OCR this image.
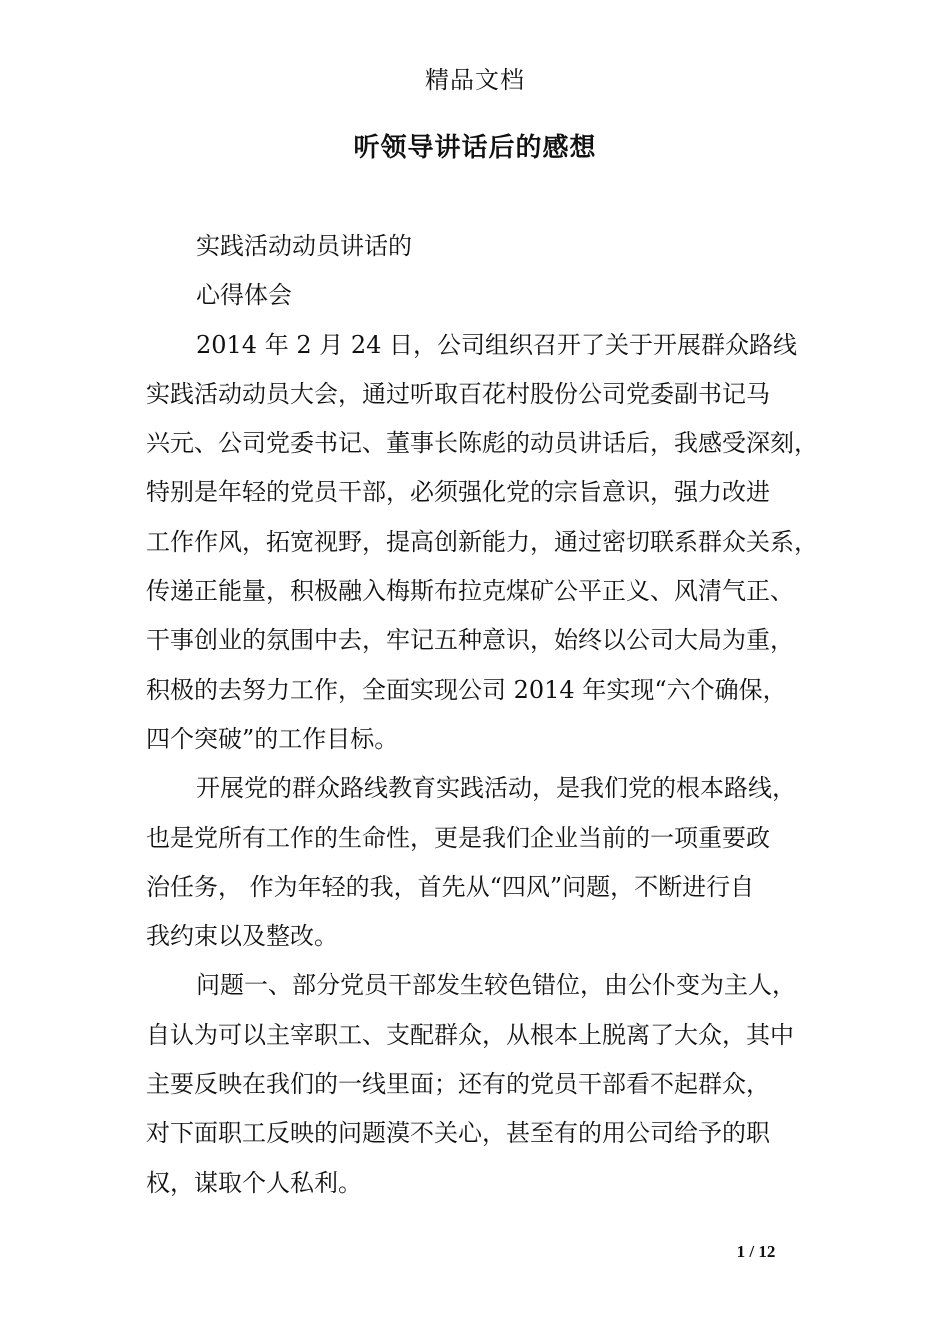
精品文档
听领导讲话后的感想
实践活动动员讲话的
心得体会
2014 年 2 月 24 日，公司组织召开了关于开展群众路线
实践活动动员大会，通过听取百花村股份公司党委副书记马
兴元、公司党委书记、董事长陈彪的动员讲话后，我感受深刻，
特别是年轻的党员干部，必须强化党的宗旨意识，强力改进
工作作风，拓宽视野，提高创新能力，通过密切联系群众关系，
传递正能量，积极融入梅斯布拉克煤矿公平正义、风清气正、
干事创业的氛围中去，牢记五种意识，始终以公司大局为重，
积极的去努力工作，全面实现公司 2014 年实现“六个确保，
四个突破”的工作目标。
开展党的群众路线教育实践活动，是我们党的根本路线，
也是党所有工作的生命性，更是我们企业当前的一项重要政
治任务， 作为年轻的我，首先从“四风”问题，不断进行自
我约束以及整改。
问题一、部分党员干部发生较色错位，由公仆变为主人，
自认为可以主宰职工、支配群众，从根本上脱离了大众，其中
主要反映在我们的一线里面；还有的党员干部看不起群众，
对下面职工反映的问题漠不关心，甚至有的用公司给予的职
权，谋取个人私利。
1 / 12
